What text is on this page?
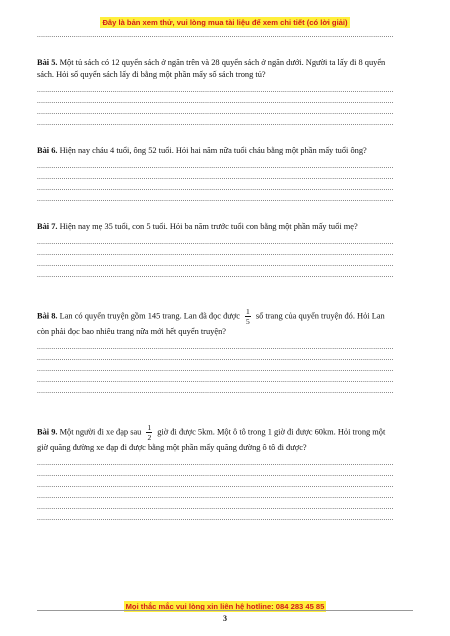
Đây là bản xem thử, vui lòng mua tài liệu để xem chi tiết (có lời giải)
.....

Bài 5. Một tủ sách có 12 quyển sách ở ngăn trên và 28 quyển sách ở ngăn dưới. Người ta lấy đi 8 quyển sách. Hỏi số quyển sách lấy đi bằng một phần mấy số sách trong tủ?

.....
.....
.....
.....

Bài 6. Hiện nay cháu 4 tuổi, ông 52 tuổi. Hỏi hai năm nữa tuổi cháu bằng một phần mấy tuổi ông?

.....
.....
.....
.....

Bài 7. Hiện nay mẹ 35 tuổi, con 5 tuổi. Hỏi ba năm trước tuổi con bằng một phần mấy tuổi mẹ?

.....
.....
.....
.....

Bài 8. Lan có quyển truyện gồm 145 trang. Lan đã đọc được $\frac{1}{5}$ số trang của quyển truyện đó. Hỏi Lan còn phải đọc bao nhiêu trang nữa mới hết quyển truyện?

.....
.....
.....
.....
.....

Bài 9. Một người đi xe đạp sau $\frac{1}{2}$ giờ đi được 5km. Một ô tô trong 1 giờ đi được 60km. Hỏi trong một giờ quãng đường xe đạp đi được bằng một phần mấy quãng đường ô tô đi được?

.....
.....
.....
.....
.....
.....
Mọi thắc mắc vui lòng xin liên hệ hotline: 084 283 45 85
3
